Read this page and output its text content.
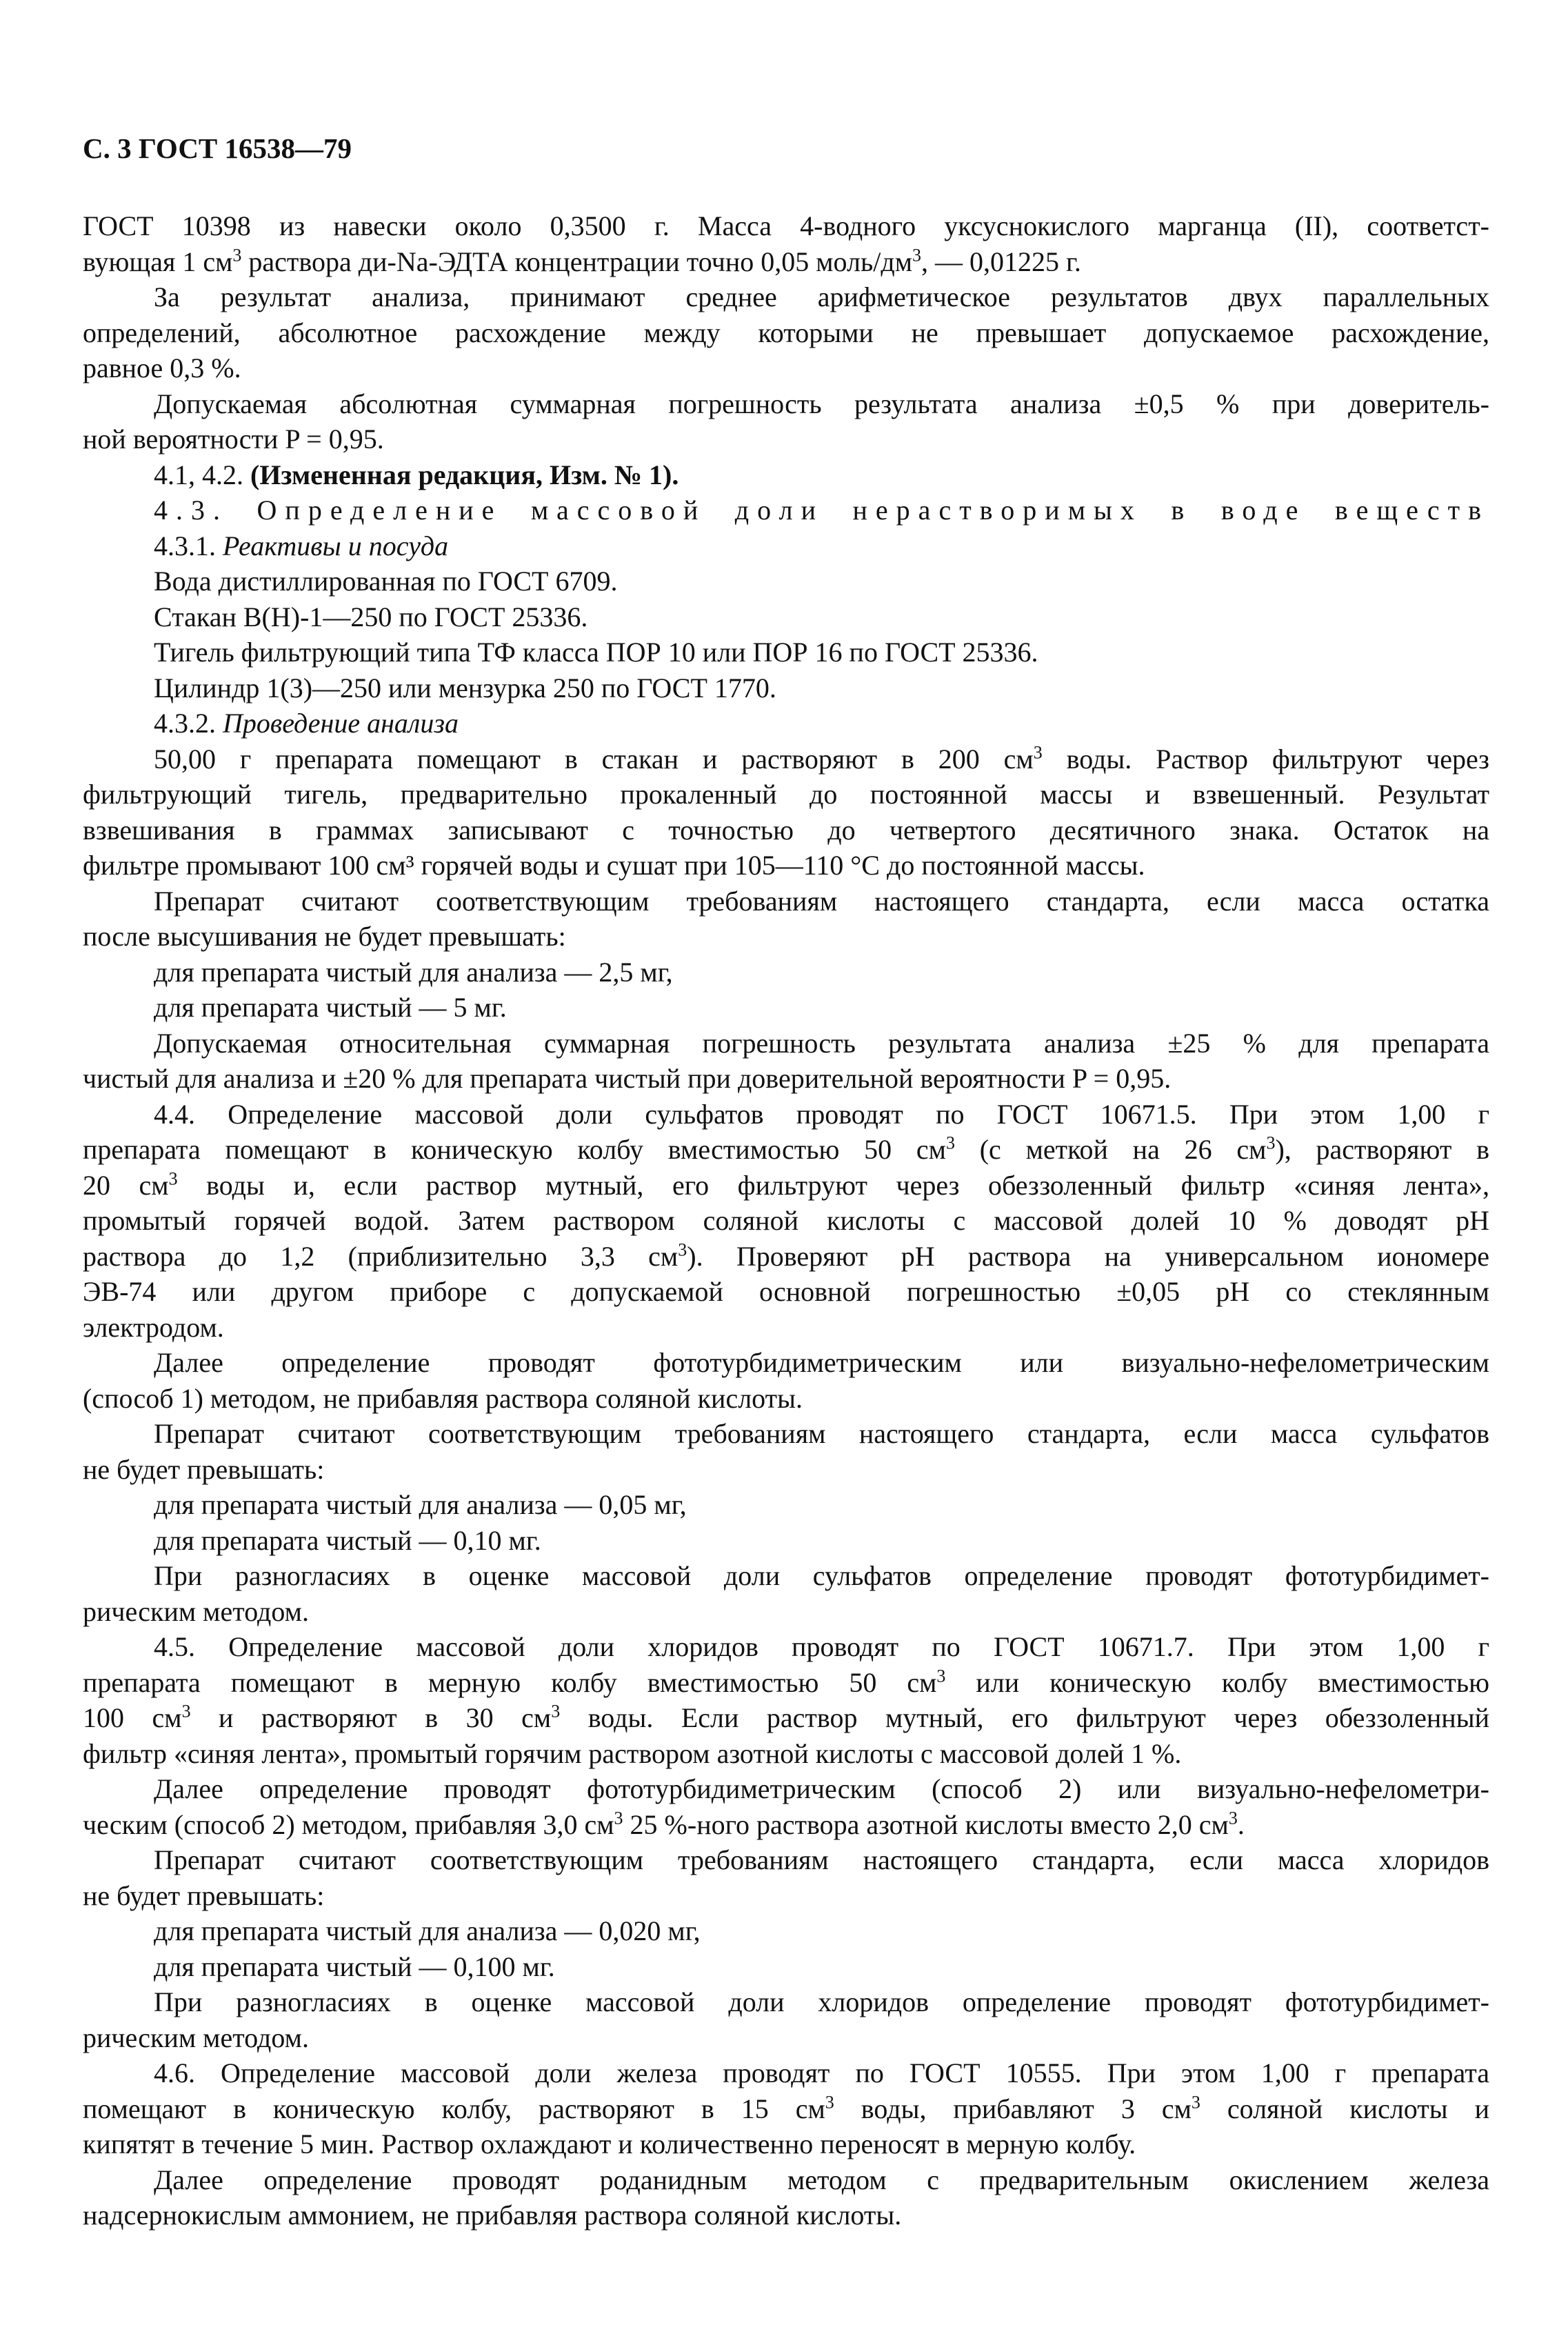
С. 3 ГОСТ 16538—79
ГОСТ 10398 из навески около 0,3500 г. Масса 4-водного уксуснокислого марганца (II), соответст-
вующая 1 $см^3$ раствора ди-Na-ЭДТА концентрации точно 0,05 моль/$дм^3$, — 0,01225 г.
За результат анализа, принимают среднее арифметическое результатов двух параллельных
определений, абсолютное расхождение между которыми не превышает допускаемое расхождение,
равное 0,3 %.
Допускаемая абсолютная суммарная погрешность результата анализа ±0,5 % при доверитель-
ной вероятности P = 0,95.
4.1, 4.2. (Измененная редакция, Изм. № 1).
4.3. Определение массовой доли нерастворимых в воде веществ
4.3.1. Реактивы и посуда
Вода дистиллированная по ГОСТ 6709.
Стакан В(Н)-1—250 по ГОСТ 25336.
Тигель фильтрующий типа ТФ класса ПОР 10 или ПОР 16 по ГОСТ 25336.
Цилиндр 1(3)—250 или мензурка 250 по ГОСТ 1770.
4.3.2. Проведение анализа
50,00 г препарата помещают в стакан и растворяют в 200 $см^3$ воды. Раствор фильтруют через
фильтрующий тигель, предварительно прокаленный до постоянной массы и взвешенный. Результат
взвешивания в граммах записывают с точностью до четвертого десятичного знака. Остаток на
фильтре промывают 100 см³ горячей воды и сушат при 105—110 °С до постоянной массы.
Препарат считают соответствующим требованиям настоящего стандарта, если масса остатка
после высушивания не будет превышать:
для препарата чистый для анализа — 2,5 мг,
для препарата чистый — 5 мг.
Допускаемая относительная суммарная погрешность результата анализа ±25 % для препарата
чистый для анализа и ±20 % для препарата чистый при доверительной вероятности P = 0,95.
4.4. Определение массовой доли сульфатов проводят по ГОСТ 10671.5. При этом 1,00 г
препарата помещают в коническую колбу вместимостью 50 $см^3$ (с меткой на 26 $см^3$), растворяют в
20 $см^3$ воды и, если раствор мутный, его фильтруют через обеззоленный фильтр «синяя лента»,
промытый горячей водой. Затем раствором соляной кислоты с массовой долей 10 % доводят pH
раствора до 1,2 (приблизительно 3,3 $см^3$). Проверяют pH раствора на универсальном иономере
ЭВ-74 или другом приборе с допускаемой основной погрешностью ±0,05 pH со стеклянным
электродом.
Далее определение проводят фототурбидиметрическим или визуально-нефелометрическим
(способ 1) методом, не прибавляя раствора соляной кислоты.
Препарат считают соответствующим требованиям настоящего стандарта, если масса сульфатов
не будет превышать:
для препарата чистый для анализа — 0,05 мг,
для препарата чистый — 0,10 мг.
При разногласиях в оценке массовой доли сульфатов определение проводят фототурбидимет-
рическим методом.
4.5. Определение массовой доли хлоридов проводят по ГОСТ 10671.7. При этом 1,00 г
препарата помещают в мерную колбу вместимостью 50 $см^3$ или коническую колбу вместимостью
100 $см^3$ и растворяют в 30 $см^3$ воды. Если раствор мутный, его фильтруют через обеззоленный
фильтр «синяя лента», промытый горячим раствором азотной кислоты с массовой долей 1 %.
Далее определение проводят фототурбидиметрическим (способ 2) или визуально-нефелометри-
ческим (способ 2) методом, прибавляя 3,0 $см^3$ 25 %-ного раствора азотной кислоты вместо 2,0 $см^3$.
Препарат считают соответствующим требованиям настоящего стандарта, если масса хлоридов
не будет превышать:
для препарата чистый для анализа — 0,020 мг,
для препарата чистый — 0,100 мг.
При разногласиях в оценке массовой доли хлоридов определение проводят фототурбидимет-
рическим методом.
4.6. Определение массовой доли железа проводят по ГОСТ 10555. При этом 1,00 г препарата
помещают в коническую колбу, растворяют в 15 $см^3$ воды, прибавляют 3 $см^3$ соляной кислоты и
кипятят в течение 5 мин. Раствор охлаждают и количественно переносят в мерную колбу.
Далее определение проводят роданидным методом с предварительным окислением железа
надсернокислым аммонием, не прибавляя раствора соляной кислоты.
